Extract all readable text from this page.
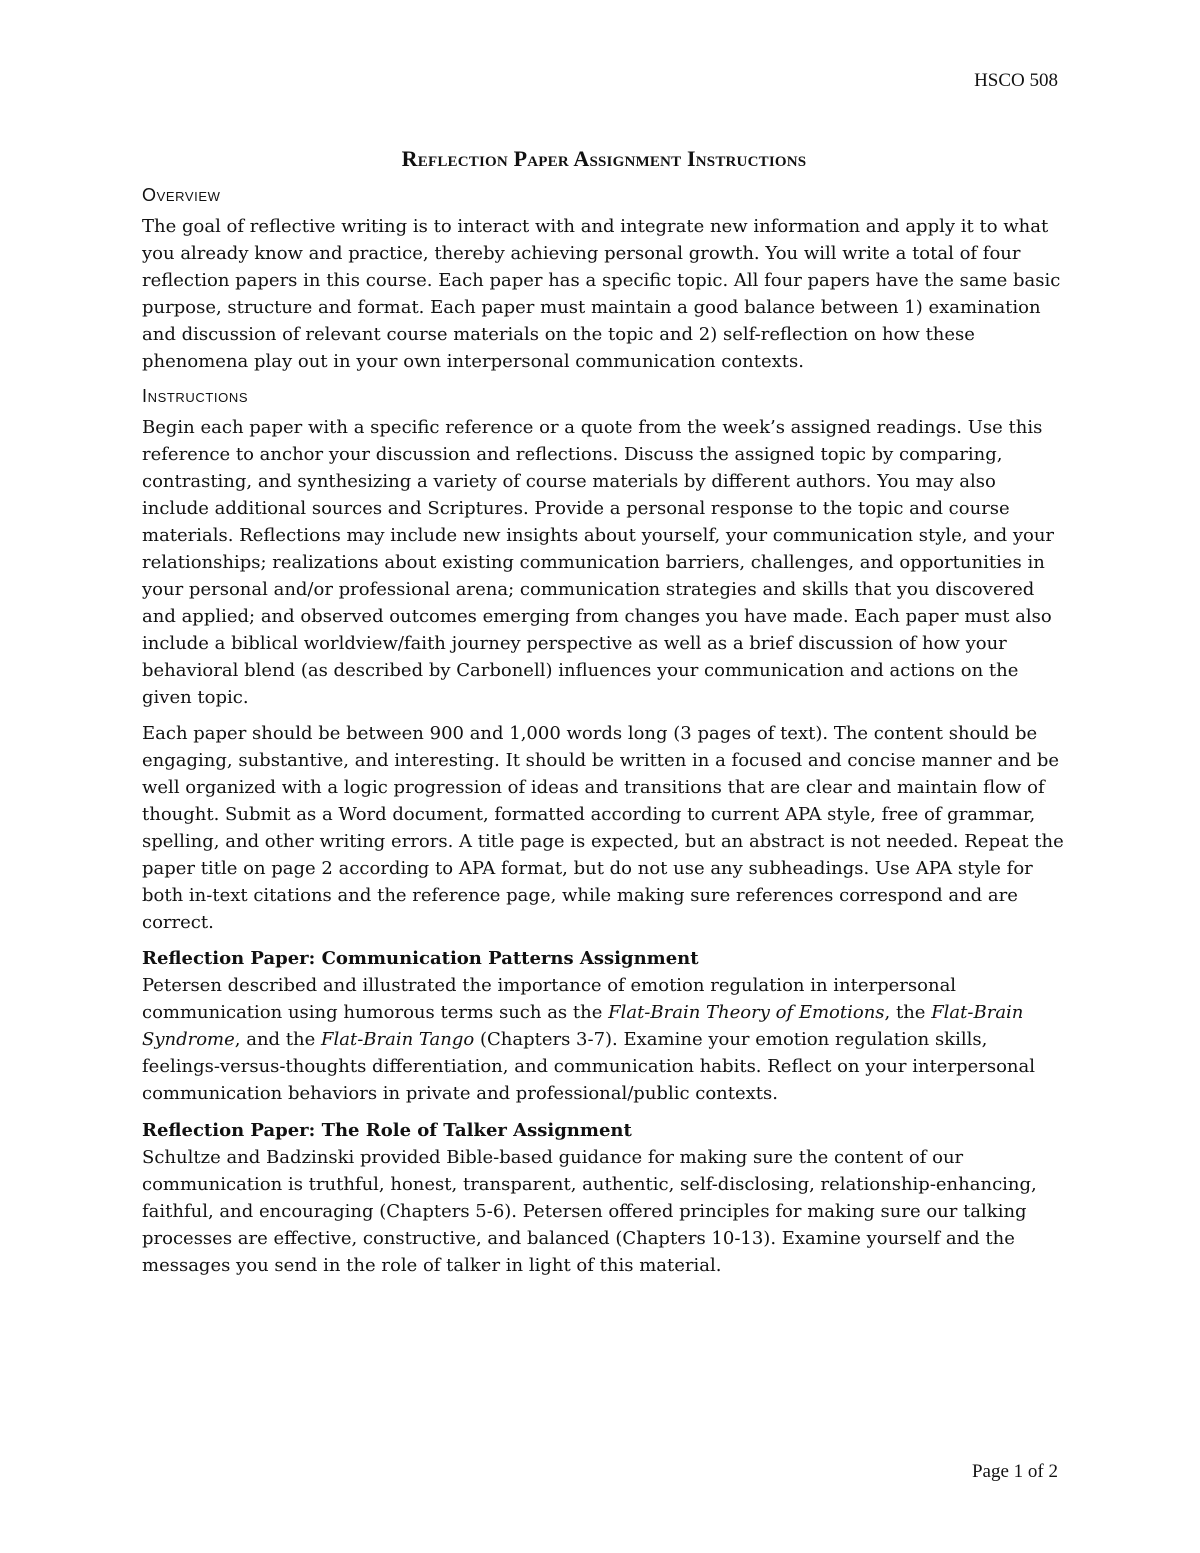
HSCO 508
Reflection Paper Assignment Instructions
Overview

The goal of reflective writing is to interact with and integrate new information and apply it to what you already know and practice, thereby achieving personal growth. You will write a total of four reflection papers in this course. Each paper has a specific topic. All four papers have the same basic purpose, structure and format. Each paper must maintain a good balance between 1) examination and discussion of relevant course materials on the topic and 2) self-reflection on how these phenomena play out in your own interpersonal communication contexts.

Instructions

Begin each paper with a specific reference or a quote from the week’s assigned readings. Use this reference to anchor your discussion and reflections. Discuss the assigned topic by comparing, contrasting, and synthesizing a variety of course materials by different authors. You may also include additional sources and Scriptures. Provide a personal response to the topic and course materials. Reflections may include new insights about yourself, your communication style, and your relationships; realizations about existing communication barriers, challenges, and opportunities in your personal and/or professional arena; communication strategies and skills that you discovered and applied; and observed outcomes emerging from changes you have made. Each paper must also include a biblical worldview/faith journey perspective as well as a brief discussion of how your behavioral blend (as described by Carbonell) influences your communication and actions on the given topic.

Each paper should be between 900 and 1,000 words long (3 pages of text). The content should be engaging, substantive, and interesting. It should be written in a focused and concise manner and be well organized with a logic progression of ideas and transitions that are clear and maintain flow of thought. Submit as a Word document, formatted according to current APA style, free of grammar, spelling, and other writing errors. A title page is expected, but an abstract is not needed. Repeat the paper title on page 2 according to APA format, but do not use any subheadings. Use APA style for both in-text citations and the reference page, while making sure references correspond and are correct.

Reflection Paper: Communication Patterns Assignment

Petersen described and illustrated the importance of emotion regulation in interpersonal communication using humorous terms such as the Flat-Brain Theory of Emotions, the Flat-Brain Syndrome, and the Flat-Brain Tango (Chapters 3-7). Examine your emotion regulation skills, feelings-versus-thoughts differentiation, and communication habits. Reflect on your interpersonal communication behaviors in private and professional/public contexts.

Reflection Paper: The Role of Talker Assignment

Schultze and Badzinski provided Bible-based guidance for making sure the content of our communication is truthful, honest, transparent, authentic, self-disclosing, relationship-enhancing, faithful, and encouraging (Chapters 5-6). Petersen offered principles for making sure our talking processes are effective, constructive, and balanced (Chapters 10-13). Examine yourself and the messages you send in the role of talker in light of this material.

Page 1 of 2
